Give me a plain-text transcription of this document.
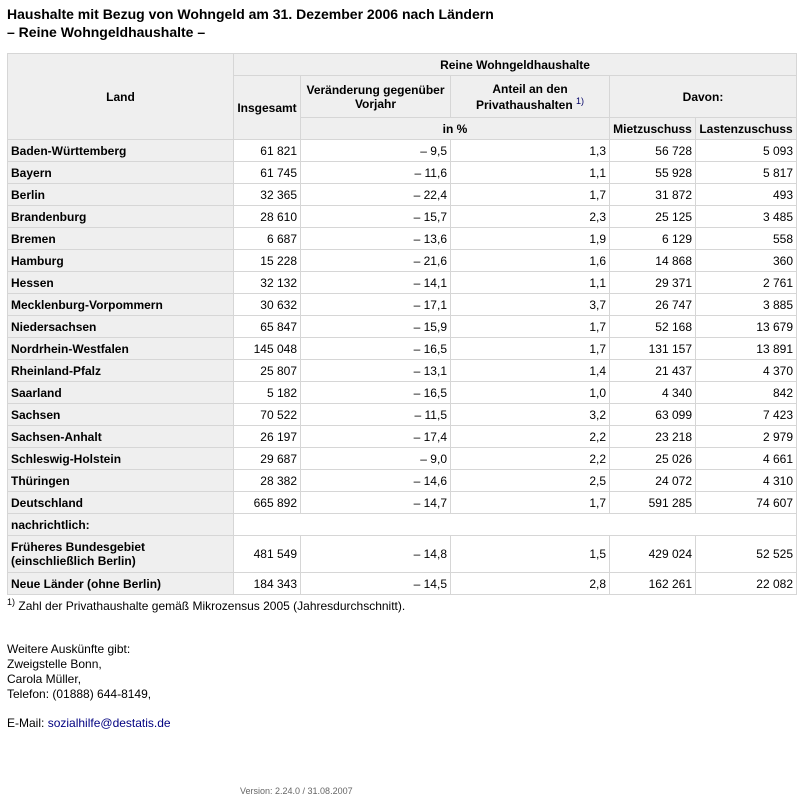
Haushalte mit Bezug von Wohngeld am 31. Dezember 2006 nach Ländern
– Reine Wohngeldhaushalte –
Land	Reine Wohngeldhaushalte				
	Insgesamt	Veränderung gegenüber Vorjahr	Anteil an den Privathaushalten $^{1)}$	Davon:	
		in %		Mietzuschuss	Lastenzuschuss
Baden-Württemberg	61 821	– 9,5	1,3	56 728	5 093
Bayern	61 745	– 11,6	1,1	55 928	5 817
Berlin	32 365	– 22,4	1,7	31 872	493
Brandenburg	28 610	– 15,7	2,3	25 125	3 485
Bremen	6 687	– 13,6	1,9	6 129	558
Hamburg	15 228	– 21,6	1,6	14 868	360
Hessen	32 132	– 14,1	1,1	29 371	2 761
Mecklenburg-Vorpommern	30 632	– 17,1	3,7	26 747	3 885
Niedersachsen	65 847	– 15,9	1,7	52 168	13 679
Nordrhein-Westfalen	145 048	– 16,5	1,7	131 157	13 891
Rheinland-Pfalz	25 807	– 13,1	1,4	21 437	4 370
Saarland	5 182	– 16,5	1,0	4 340	842
Sachsen	70 522	– 11,5	3,2	63 099	7 423
Sachsen-Anhalt	26 197	– 17,4	2,2	23 218	2 979
Schleswig-Holstein	29 687	– 9,0	2,2	25 026	4 661
Thüringen	28 382	– 14,6	2,5	24 072	4 310
Deutschland	665 892	– 14,7	1,7	591 285	74 607
nachrichtlich:					
Früheres Bundesgebiet (einschließlich Berlin)	481 549	– 14,8	1,5	429 024	52 525
Neue Länder (ohne Berlin)	184 343	– 14,5	2,8	162 261	22 082
$^{1)}$ Zahl der Privathaushalte gemäß Mikrozensus 2005 (Jahresdurchschnitt).
Weitere Auskünfte gibt:
Zweigstelle Bonn,
Carola Müller,
Telefon: (01888) 644-8149,
E-Mail: sozialhilfe@destatis.de
Version: 2.24.0 / 31.08.2007
